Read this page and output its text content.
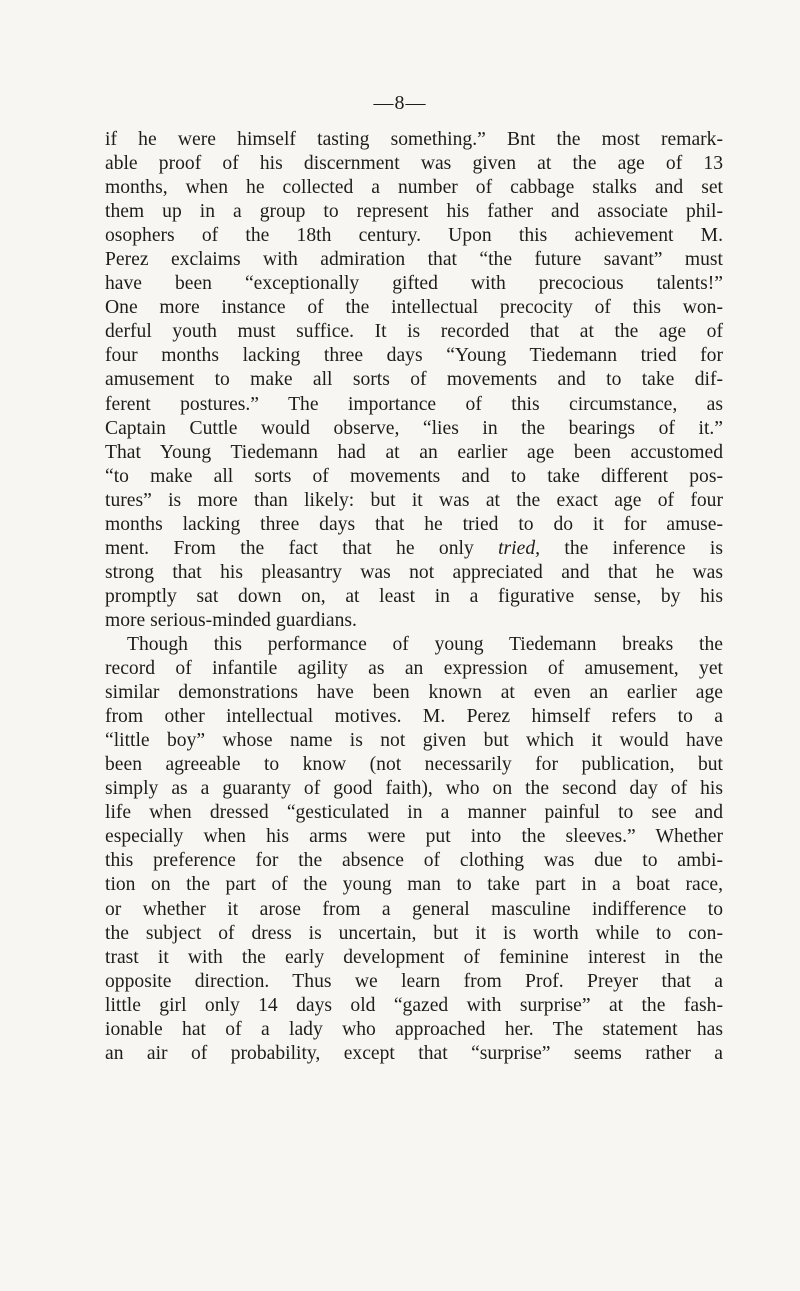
—8—
if he were himself tasting something.” Bnt the most remark-
able proof of his discernment was given at the age of 13
months, when he collected a number of cabbage stalks and set
them up in a group to represent his father and associate phil-
osophers of the 18th century. Upon this achievement M.
Perez exclaims with admiration that “the future savant” must
have been “exceptionally gifted with precocious talents!”
One more instance of the intellectual precocity of this won-
derful youth must suffice. It is recorded that at the age of
four months lacking three days “Young Tiedemann tried for
amusement to make all sorts of movements and to take dif-
ferent postures.” The importance of this circumstance, as
Captain Cuttle would observe, “lies in the bearings of it.”
That Young Tiedemann had at an earlier age been accustomed
“to make all sorts of movements and to take different pos-
tures” is more than likely: but it was at the exact age of four
months lacking three days that he tried to do it for amuse-
ment. From the fact that he only tried, the inference is
strong that his pleasantry was not appreciated and that he was
promptly sat down on, at least in a figurative sense, by his
more serious-minded guardians.
Though this performance of young Tiedemann breaks the
record of infantile agility as an expression of amusement, yet
similar demonstrations have been known at even an earlier age
from other intellectual motives. M. Perez himself refers to a
“little boy” whose name is not given but which it would have
been agreeable to know (not necessarily for publication, but
simply as a guaranty of good faith), who on the second day of his
life when dressed “gesticulated in a manner painful to see and
especially when his arms were put into the sleeves.” Whether
this preference for the absence of clothing was due to ambi-
tion on the part of the young man to take part in a boat race,
or whether it arose from a general masculine indifference to
the subject of dress is uncertain, but it is worth while to con-
trast it with the early development of feminine interest in the
opposite direction. Thus we learn from Prof. Preyer that a
little girl only 14 days old “gazed with surprise” at the fash-
ionable hat of a lady who approached her. The statement has
an air of probability, except that “surprise” seems rather a
